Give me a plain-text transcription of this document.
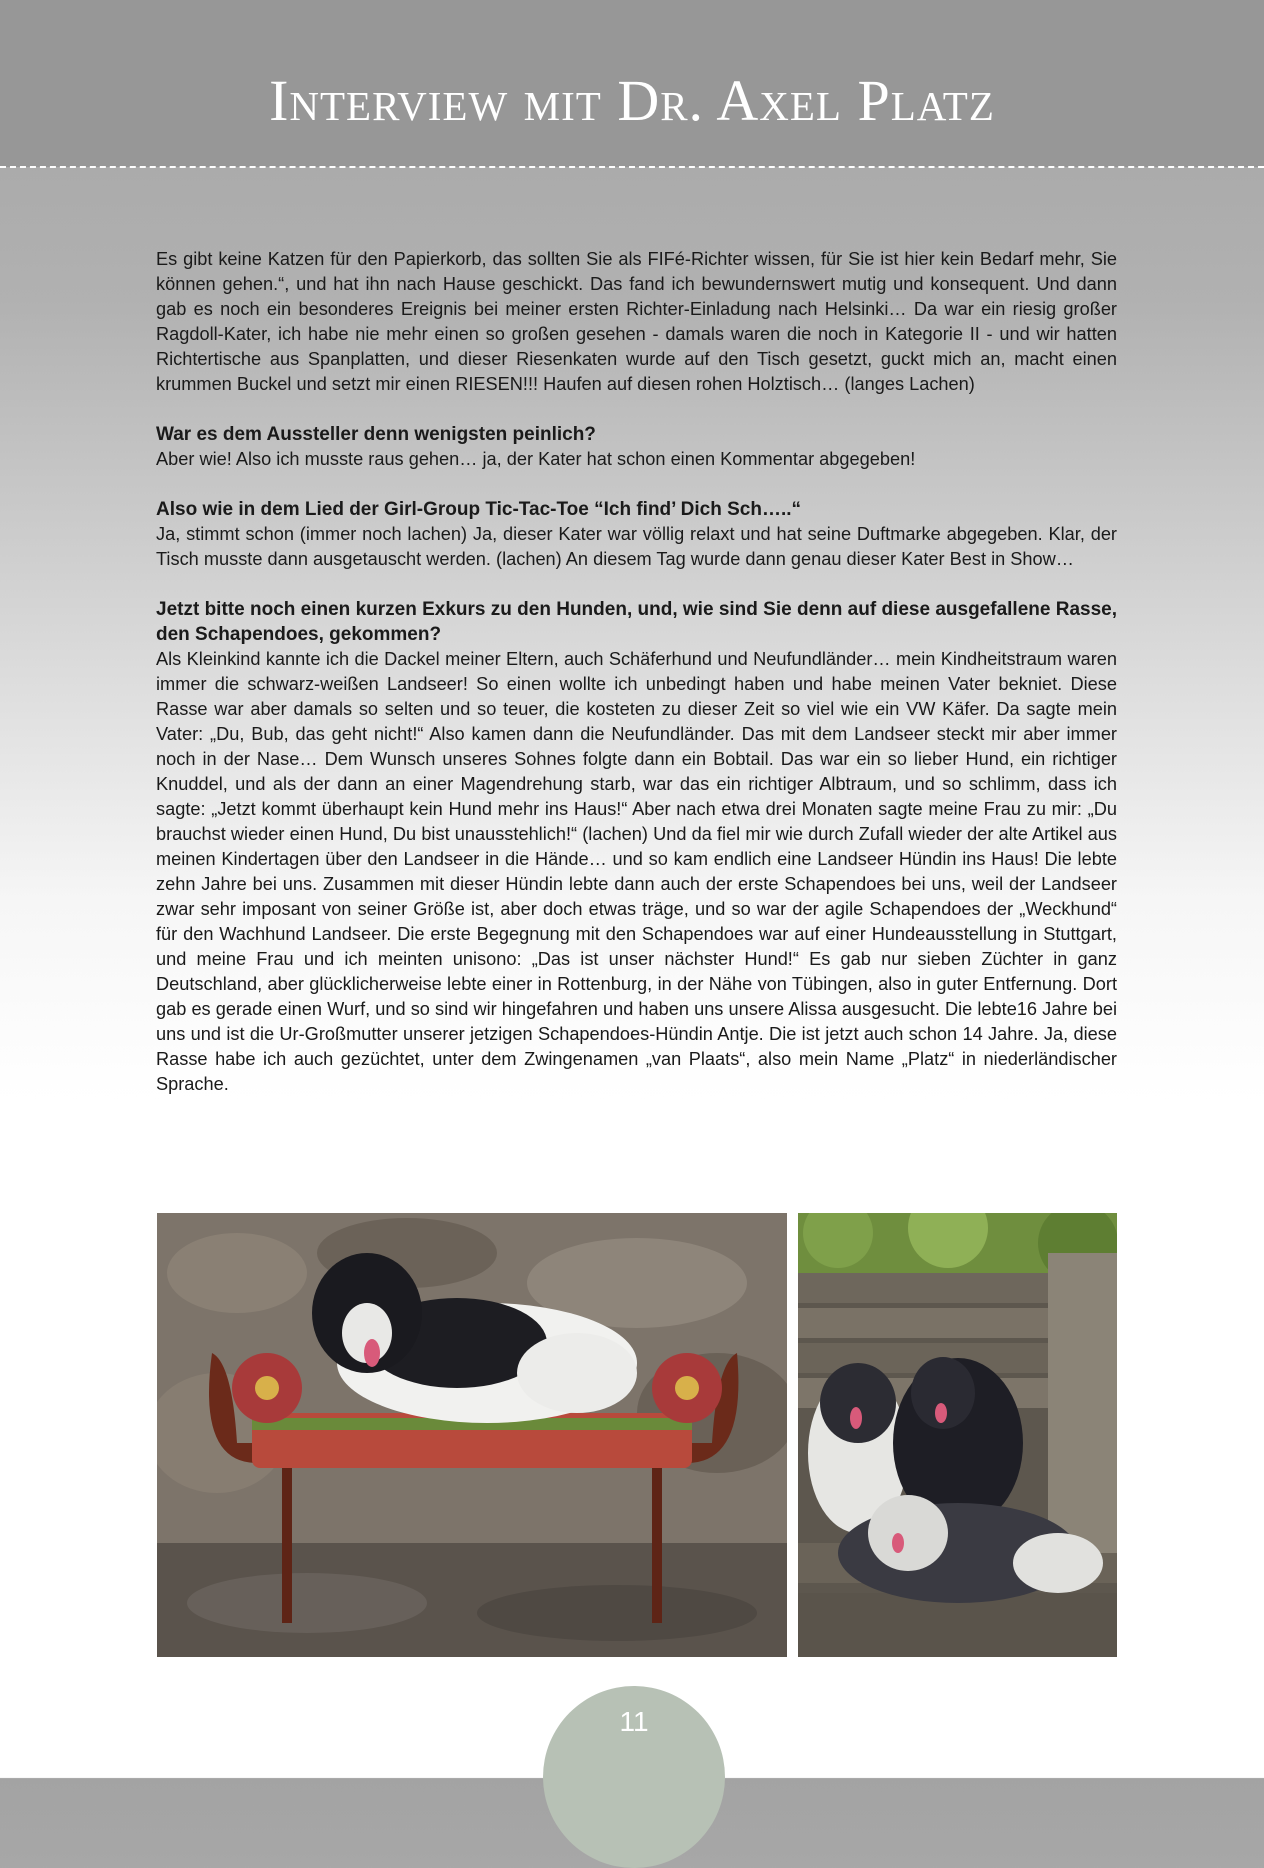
Interview mit Dr. Axel Platz

Es gibt keine Katzen für den Papierkorb, das sollten Sie als FIFé-Richter wissen, für Sie ist hier kein Bedarf mehr, Sie können gehen.“, und hat ihn nach Hause geschickt. Das fand ich bewundernswert mutig und konsequent. Und dann gab es noch ein besonderes Ereignis bei meiner ersten Richter-Einladung nach Helsinki… Da war ein riesig großer Ragdoll-Kater, ich habe nie mehr einen so großen gesehen - damals waren die noch in Kategorie II - und wir hatten Richtertische aus Spanplatten, und dieser Riesenkaten wurde auf den Tisch gesetzt, guckt mich an, macht einen krummen Buckel und setzt mir einen RIESEN!!! Haufen auf diesen rohen Holztisch… (langes Lachen)

War es dem Aussteller denn wenigsten peinlich?

Aber wie! Also ich musste raus gehen… ja, der Kater hat schon einen Kommentar abgegeben!

Also wie in dem Lied der Girl-Group Tic-Tac-Toe “Ich find’ Dich Sch…..“

Ja, stimmt schon (immer noch lachen) Ja, dieser Kater war völlig relaxt und hat seine Duftmarke abgegeben. Klar, der Tisch musste dann ausgetauscht werden. (lachen) An diesem Tag wurde dann genau dieser Kater Best in Show…

Jetzt bitte noch einen kurzen Exkurs zu den Hunden, und, wie sind Sie denn auf diese ausgefallene Rasse, den Schapendoes, gekommen?

Als Kleinkind kannte ich die Dackel meiner Eltern, auch Schäferhund und Neufundländer… mein Kindheitstraum waren immer die schwarz-weißen Landseer! So einen wollte ich unbedingt haben und habe meinen Vater bekniet. Diese Rasse war aber damals so selten und so teuer, die kosteten zu dieser Zeit so viel wie ein VW Käfer. Da sagte mein Vater: „Du, Bub, das geht nicht!“ Also kamen dann die Neufundländer. Das mit dem Landseer steckt mir aber immer noch in der Nase… Dem Wunsch unseres Sohnes folgte dann ein Bobtail. Das war ein so lieber Hund, ein richtiger Knuddel, und als der dann an einer Magendrehung starb, war das ein richtiger Albtraum, und so schlimm, dass ich sagte: „Jetzt kommt überhaupt kein Hund mehr ins Haus!“ Aber nach etwa drei Monaten sagte meine Frau zu mir: „Du brauchst wieder einen Hund, Du bist unausstehlich!“ (lachen) Und da fiel mir wie durch Zufall wieder der alte Artikel aus meinen Kindertagen über den Landseer in die Hände… und so kam endlich eine Landseer Hündin ins Haus! Die lebte zehn Jahre bei uns. Zusammen mit dieser Hündin lebte dann auch der erste Schapendoes bei uns, weil der Landseer zwar sehr imposant von seiner Größe ist, aber doch etwas träge, und so war der agile Schapendoes der „Weckhund“ für den Wachhund Landseer. Die erste Begegnung mit den Schapendoes war auf einer Hundeausstellung in Stuttgart, und meine Frau und ich meinten unisono: „Das ist unser nächster Hund!“ Es gab nur sieben Züchter in ganz Deutschland, aber glücklicherweise lebte einer in Rottenburg, in der Nähe von Tübingen, also in guter Entfernung. Dort gab es gerade einen Wurf, und so sind wir hingefahren und haben uns unsere Alissa ausgesucht. Die lebte16 Jahre bei uns und ist die Ur-Großmutter unserer jetzigen Schapendoes-Hündin Antje. Die ist jetzt auch schon 14 Jahre. Ja, diese Rasse habe ich auch gezüchtet, unter dem Zwingenamen „van Plaats“, also mein Name „Platz“ in niederländischer Sprache.

11
